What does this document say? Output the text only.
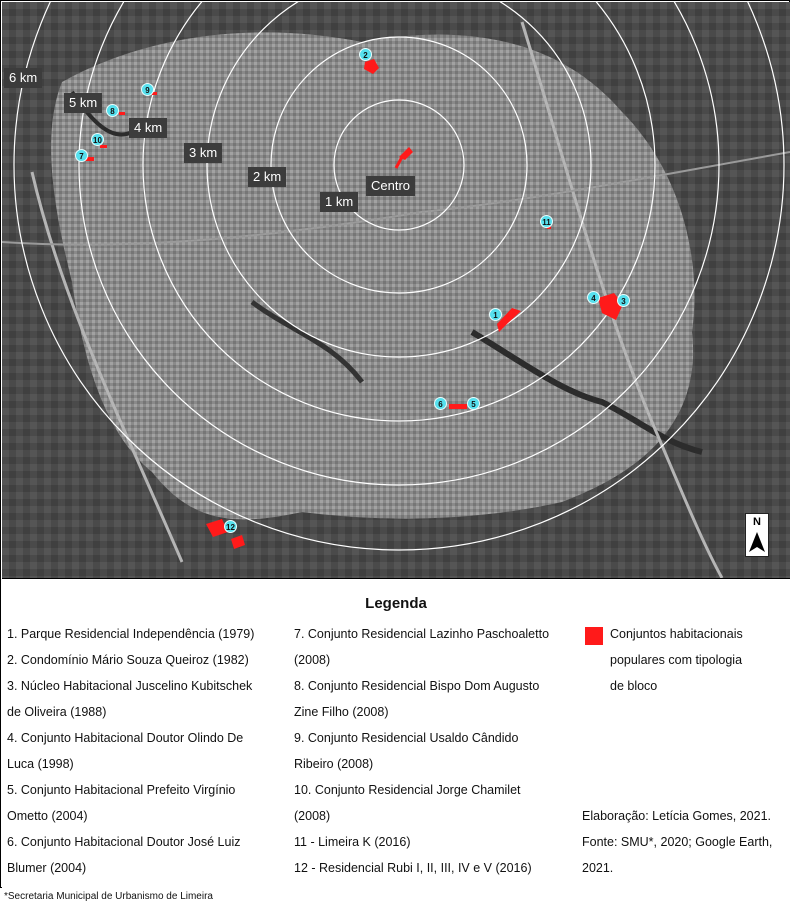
Centro
1 km
2 km
3 km
4 km
5 km
6 km
1
2
3
4
5
6
7
8
9
10
11
12	N
Legenda
1. Parque Residencial Independência (1979)
2. Condomínio Mário Souza Queiroz (1982)
3. Núcleo Habitacional Juscelino Kubitschek
de Oliveira (1988)
4. Conjunto Habitacional Doutor Olindo De
Luca (1998)
5. Conjunto Habitacional Prefeito Virgínio
Ometto (2004)
6. Conjunto Habitacional Doutor José Luiz
Blumer (2004)
7. Conjunto Residencial Lazinho Paschoaletto
(2008)
8. Conjunto Residencial Bispo Dom Augusto
Zine Filho (2008)
9. Conjunto Residencial Usaldo Cândido
Ribeiro (2008)
10. Conjunto Residencial Jorge Chamilet
(2008)
11 - Limeira K (2016)
12 - Residencial Rubi I, II, III, IV e V (2016)
Conjuntos habitacionais
populares com tipologia
de bloco
Elaboração: Letícia Gomes, 2021.
Fonte: SMU*, 2020; Google Earth,
2021.
*Secretaria Municipal de Urbanismo de Limeira
